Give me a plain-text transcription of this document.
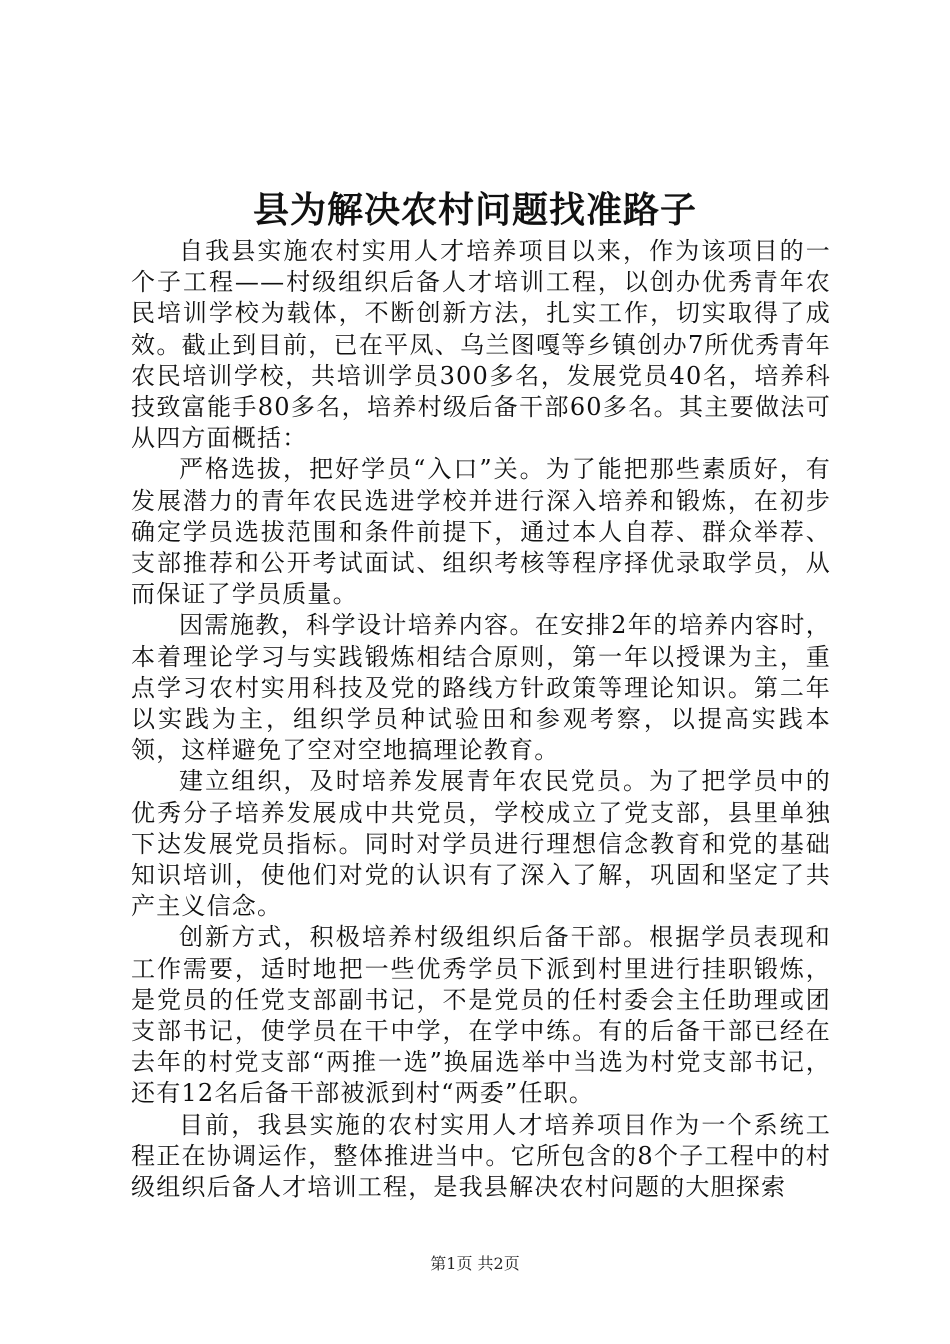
县为解决农村问题找准路子

自我县实施农村实用人才培养项目以来，作为该项目的一个子工程——村级组织后备人才培训工程，以创办优秀青年农民培训学校为载体，不断创新方法，扎实工作，切实取得了成效。截止到目前，已在平凤、乌兰图嘎等乡镇创办7所优秀青年农民培训学校，共培训学员300多名，发展党员40名，培养科技致富能手80多名，培养村级后备干部60多名。其主要做法可从四方面概括：

严格选拔，把好学员“入口”关。为了能把那些素质好，有发展潜力的青年农民选进学校并进行深入培养和锻炼，在初步确定学员选拔范围和条件前提下，通过本人自荐、群众举荐、支部推荐和公开考试面试、组织考核等程序择优录取学员，从而保证了学员质量。

因需施教，科学设计培养内容。在安排2年的培养内容时，本着理论学习与实践锻炼相结合原则，第一年以授课为主，重点学习农村实用科技及党的路线方针政策等理论知识。第二年以实践为主，组织学员种试验田和参观考察，以提高实践本领，这样避免了空对空地搞理论教育。

建立组织，及时培养发展青年农民党员。为了把学员中的优秀分子培养发展成中共党员，学校成立了党支部，县里单独下达发展党员指标。同时对学员进行理想信念教育和党的基础知识培训，使他们对党的认识有了深入了解，巩固和坚定了共产主义信念。

创新方式，积极培养村级组织后备干部。根据学员表现和工作需要，适时地把一些优秀学员下派到村里进行挂职锻炼，是党员的任党支部副书记，不是党员的任村委会主任助理或团支部书记，使学员在干中学，在学中练。有的后备干部已经在去年的村党支部“两推一选”换届选举中当选为村党支部书记，还有12名后备干部被派到村“两委”任职。

目前，我县实施的农村实用人才培养项目作为一个系统工程正在协调运作，整体推进当中。它所包含的8个子工程中的村级组织后备人才培训工程，是我县解决农村问题的大胆探索

第1页 共2页
